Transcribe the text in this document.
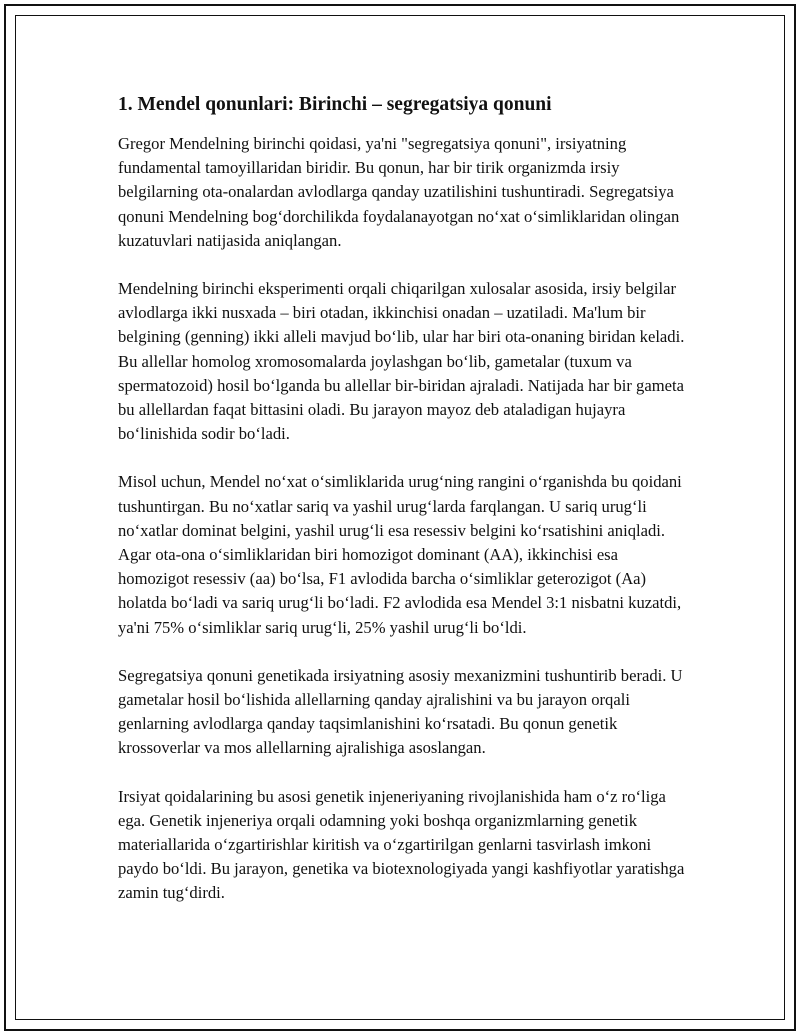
1. Mendel qonunlari: Birinchi – segregatsiya qonuni

Gregor Mendelning birinchi qoidasi, ya'ni "segregatsiya qonuni", irsiyatning fundamental tamoyillaridan biridir. Bu qonun, har bir tirik organizmda irsiy belgilarning ota-onalardan avlodlarga qanday uzatilishini tushuntiradi. Segregatsiya qonuni Mendelning bog‘dorchilikda foydalanayotgan no‘xat o‘simliklaridan olingan kuzatuvlari natijasida aniqlangan.

Mendelning birinchi eksperimenti orqali chiqarilgan xulosalar asosida, irsiy belgilar avlodlarga ikki nusxada – biri otadan, ikkinchisi onadan – uzatiladi. Ma'lum bir belgining (genning) ikki alleli mavjud bo‘lib, ular har biri ota-onaning biridan keladi. Bu allellar homolog xromosomalarda joylashgan bo‘lib, gametalar (tuxum va spermatozoid) hosil bo‘lganda bu allellar bir-biridan ajraladi. Natijada har bir gameta bu allellardan faqat bittasini oladi. Bu jarayon mayoz deb ataladigan hujayra bo‘linishida sodir bo‘ladi.

Misol uchun, Mendel no‘xat o‘simliklarida urug‘ning rangini o‘rganishda bu qoidani tushuntirgan. Bu no‘xatlar sariq va yashil urug‘larda farqlangan. U sariq urug‘li no‘xatlar dominat belgini, yashil urug‘li esa resessiv belgini ko‘rsatishini aniqladi. Agar ota-ona o‘simliklaridan biri homozigot dominant (AA), ikkinchisi esa homozigot resessiv (aa) bo‘lsa, F1 avlodida barcha o‘simliklar geterozigot (Aa) holatda bo‘ladi va sariq urug‘li bo‘ladi. F2 avlodida esa Mendel 3:1 nisbatni kuzatdi, ya'ni 75% o‘simliklar sariq urug‘li, 25% yashil urug‘li bo‘ldi.

Segregatsiya qonuni genetikada irsiyatning asosiy mexanizmini tushuntirib beradi. U gametalar hosil bo‘lishida allellarning qanday ajralishini va bu jarayon orqali genlarning avlodlarga qanday taqsimlanishini ko‘rsatadi. Bu qonun genetik krossoverlar va mos allellarning ajralishiga asoslangan.

Irsiyat qoidalarining bu asosi genetik injeneriyaning rivojlanishida ham o‘z ro‘liga ega. Genetik injeneriya orqali odamning yoki boshqa organizmlarning genetik materiallarida o‘zgartirishlar kiritish va o‘zgartirilgan genlarni tasvirlash imkoni paydo bo‘ldi. Bu jarayon, genetika va biotexnologiyada yangi kashfiyotlar yaratishga zamin tug‘dirdi.
